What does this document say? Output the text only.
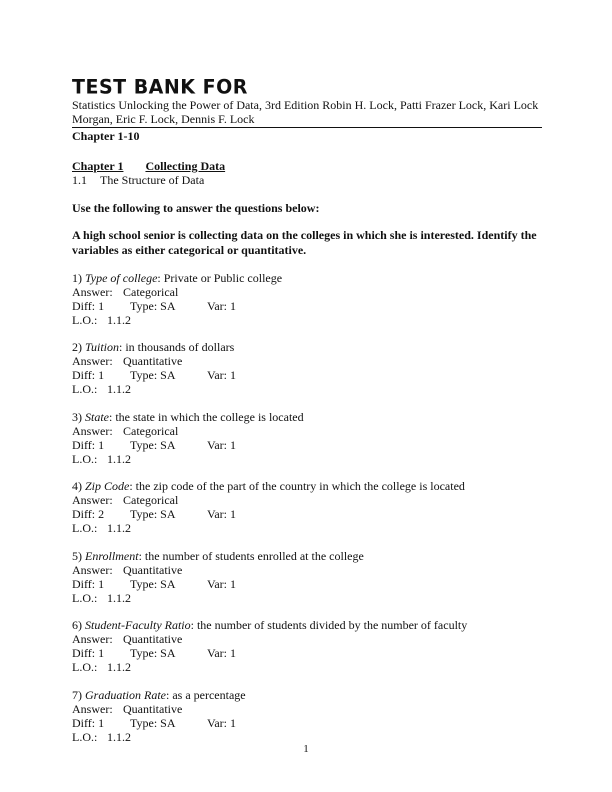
TEST BANK FOR
Statistics Unlocking the Power of Data, 3rd Edition Robin H. Lock, Patti Frazer Lock, Kari Lock Morgan, Eric F. Lock, Dennis F. Lock
Chapter 1-10
Chapter 1 Collecting Data
1.1 The Structure of Data
Use the following to answer the questions below:
A high school senior is collecting data on the colleges in which she is interested. Identify the variables as either categorical or quantitative.
1) Type of college: Private or Public college
Answer: Categorical
Diff: 1 Type: SA	Var: 1
L.O.: 1.1.2
2) Tuition: in thousands of dollars
Answer: Quantitative
Diff: 1 Type: SA	Var: 1
L.O.: 1.1.2
3) State: the state in which the college is located
Answer: Categorical
Diff: 1 Type: SA	Var: 1
L.O.: 1.1.2
4) Zip Code: the zip code of the part of the country in which the college is located
Answer: Categorical
Diff: 2 Type: SA	Var: 1
L.O.: 1.1.2
5) Enrollment: the number of students enrolled at the college
Answer: Quantitative
Diff: 1 Type: SA	Var: 1
L.O.: 1.1.2
6) Student-Faculty Ratio: the number of students divided by the number of faculty
Answer: Quantitative
Diff: 1 Type: SA	Var: 1
L.O.: 1.1.2
7) Graduation Rate: as a percentage
Answer: Quantitative
Diff: 1 Type: SA	Var: 1
L.O.: 1.1.2
1
